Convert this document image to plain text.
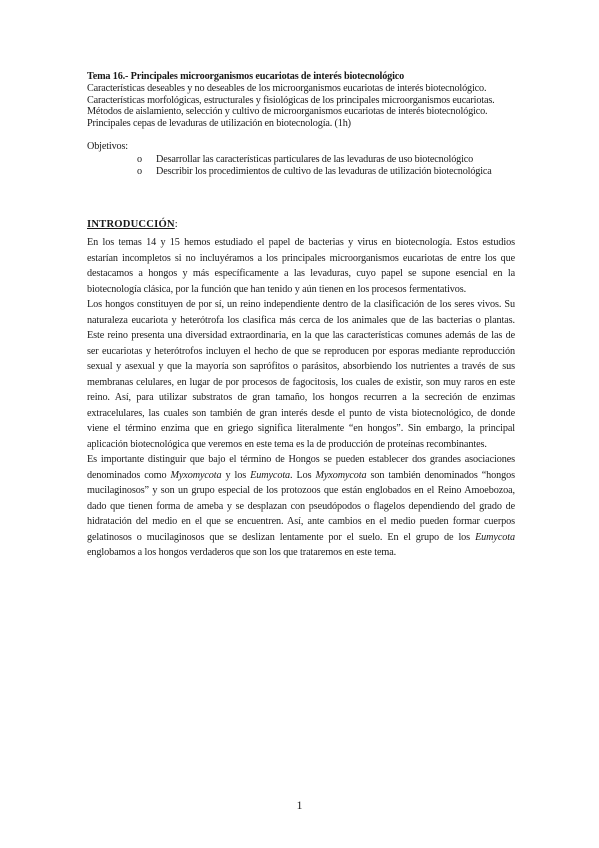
Tema 16.- Principales microorganismos eucariotas de interés biotecnológico

Características deseables y no deseables de los microorganismos eucariotas de interés biotecnológico.

Características morfológicas, estructurales y fisiológicas de los principales microorganismos eucariotas.

Métodos de aislamiento, selección y cultivo de microorganismos eucariotas de interés biotecnológico.

Principales cepas de levaduras de utilización en biotecnología. (1h)

Objetivos:
o Desarrollar las características particulares de las levaduras de uso biotecnológico
o Describir los procedimientos de cultivo de las levaduras de utilización biotecnológica
INTRODUCCIÓN:

En los temas 14 y 15 hemos estudiado el papel de bacterias y virus en biotecnología. Estos estudios estarían incompletos si no incluyéramos a los principales microorganismos eucariotas de entre los que destacamos a hongos y más específicamente a las levaduras, cuyo papel se supone esencial en la biotecnología clásica, por la función que han tenido y aún tienen en los procesos fermentativos.

Los hongos constituyen de por sí, un reino independiente dentro de la clasificación de los seres vivos. Su naturaleza eucariota y heterótrofa los clasifica más cerca de los animales que de las bacterias o plantas. Este reino presenta una diversidad extraordinaria, en la que las características comunes además de las de ser eucariotas y heterótrofos incluyen el hecho de que se reproducen por esporas mediante reproducción sexual y asexual y que la mayoría son saprófitos o parásitos, absorbiendo los nutrientes a través de sus membranas celulares, en lugar de por procesos de fagocitosis, los cuales de existir, son muy raros en este reino. Así, para utilizar substratos de gran tamaño, los hongos recurren a la secreción de enzimas extracelulares, las cuales son también de gran interés desde el punto de vista biotecnológico, de donde viene el término enzima que en griego significa literalmente “en hongos”. Sin embargo, la principal aplicación biotecnológica que veremos en este tema es la de producción de proteínas recombinantes.

Es importante distinguir que bajo el término de Hongos se pueden establecer dos grandes asociaciones denominados como Myxomycota y los Eumycota. Los Myxomycota son también denominados “hongos mucilaginosos” y son un grupo especial de los protozoos que están englobados en el Reino Amoebozoa, dado que tienen forma de ameba y se desplazan con pseudópodos o flagelos dependiendo del grado de hidratación del medio en el que se encuentren. Así, ante cambios en el medio pueden formar cuerpos gelatinosos o mucilaginosos que se deslizan lentamente por el suelo. En el grupo de los Eumycota englobamos a los hongos verdaderos que son los que trataremos en este tema.

1
